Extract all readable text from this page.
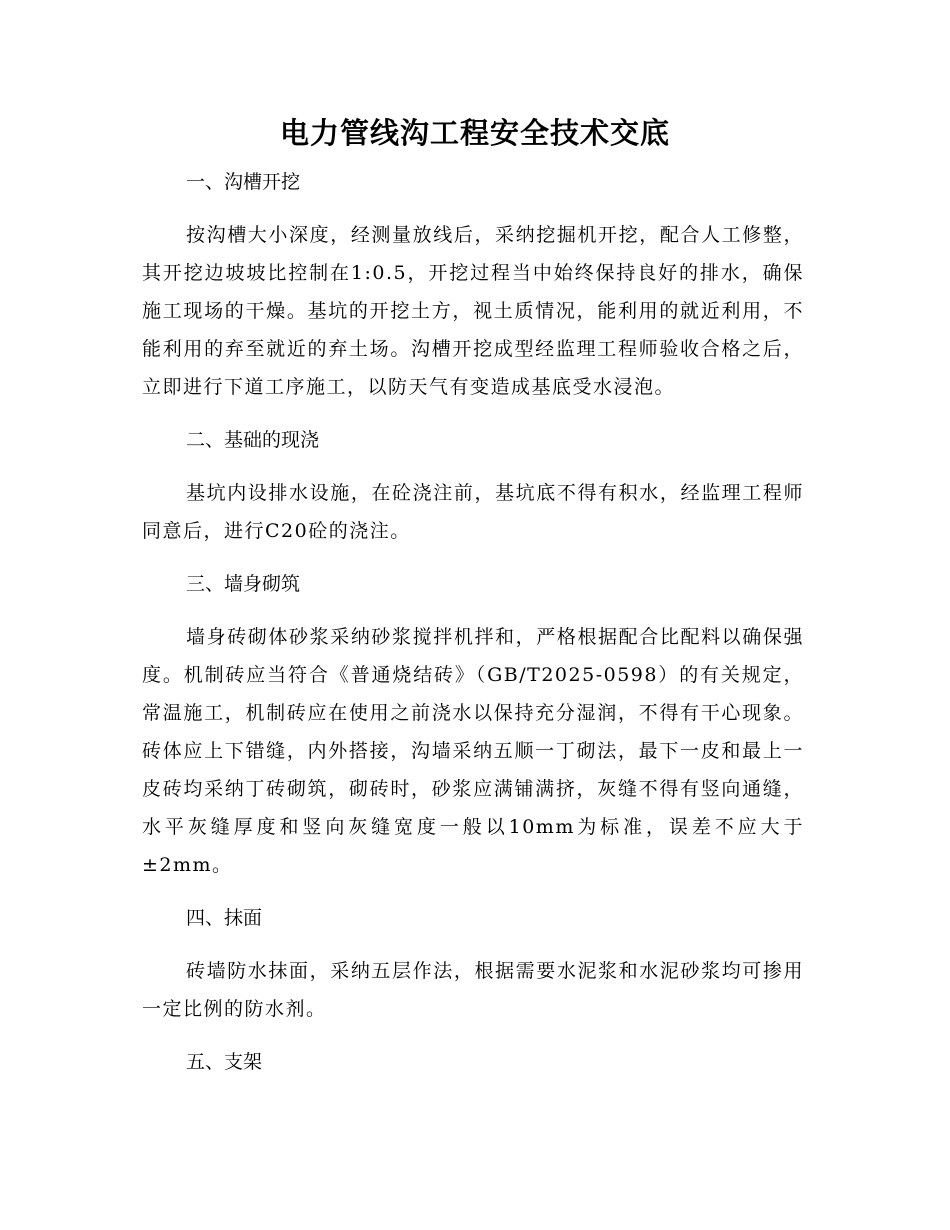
电力管线沟工程安全技术交底

一、沟槽开挖

按沟槽大小深度，经测量放线后，采纳挖掘机开挖，配合人工修整，其开挖边坡坡比控制在1:0.5，开挖过程当中始终保持良好的排水，确保施工现场的干燥。基坑的开挖土方，视土质情况，能利用的就近利用，不能利用的弃至就近的弃土场。沟槽开挖成型经监理工程师验收合格之后，立即进行下道工序施工，以防天气有变造成基底受水浸泡。

二、基础的现浇

基坑内设排水设施，在砼浇注前，基坑底不得有积水，经监理工程师同意后，进行C20砼的浇注。

三、墙身砌筑

墙身砖砌体砂浆采纳砂浆搅拌机拌和，严格根据配合比配料以确保强度。机制砖应当符合《普通烧结砖》（GB/T2025-0598）的有关规定，常温施工，机制砖应在使用之前浇水以保持充分湿润，不得有干心现象。砖体应上下错缝，内外搭接，沟墙采纳五顺一丁砌法，最下一皮和最上一皮砖均采纳丁砖砌筑，砌砖时，砂浆应满铺满挤，灰缝不得有竖向通缝，水平灰缝厚度和竖向灰缝宽度一般以10mm为标准，误差不应大于±2mm。

四、抹面

砖墙防水抹面，采纳五层作法，根据需要水泥浆和水泥砂浆均可掺用一定比例的防水剂。

五、支架
